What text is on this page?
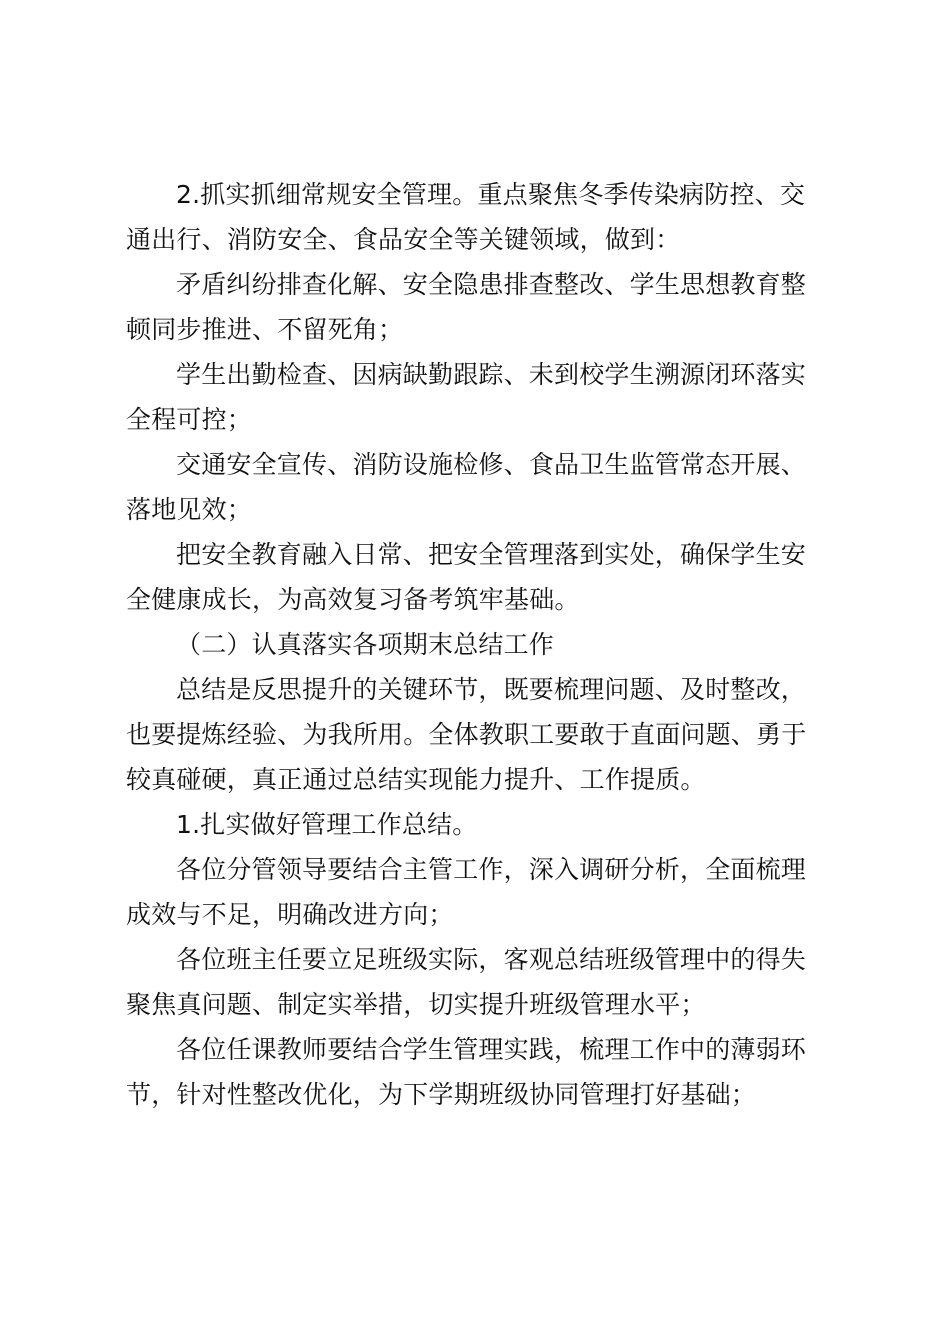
2.抓实抓细常规安全管理。重点聚焦冬季传染病防控、交
通出行、消防安全、食品安全等关键领域，做到：
矛盾纠纷排查化解、安全隐患排查整改、学生思想教育整
顿同步推进、不留死角；
学生出勤检查、因病缺勤跟踪、未到校学生溯源闭环落实
全程可控；
交通安全宣传、消防设施检修、食品卫生监管常态开展、
落地见效；
把安全教育融入日常、把安全管理落到实处，确保学生安
全健康成长，为高效复习备考筑牢基础。
（二）认真落实各项期末总结工作
总结是反思提升的关键环节，既要梳理问题、及时整改，
也要提炼经验、为我所用。全体教职工要敢于直面问题、勇于
较真碰硬，真正通过总结实现能力提升、工作提质。
1.扎实做好管理工作总结。
各位分管领导要结合主管工作，深入调研分析，全面梳理
成效与不足，明确改进方向；
各位班主任要立足班级实际，客观总结班级管理中的得失
聚焦真问题、制定实举措，切实提升班级管理水平；
各位任课教师要结合学生管理实践，梳理工作中的薄弱环
节，针对性整改优化，为下学期班级协同管理打好基础；
